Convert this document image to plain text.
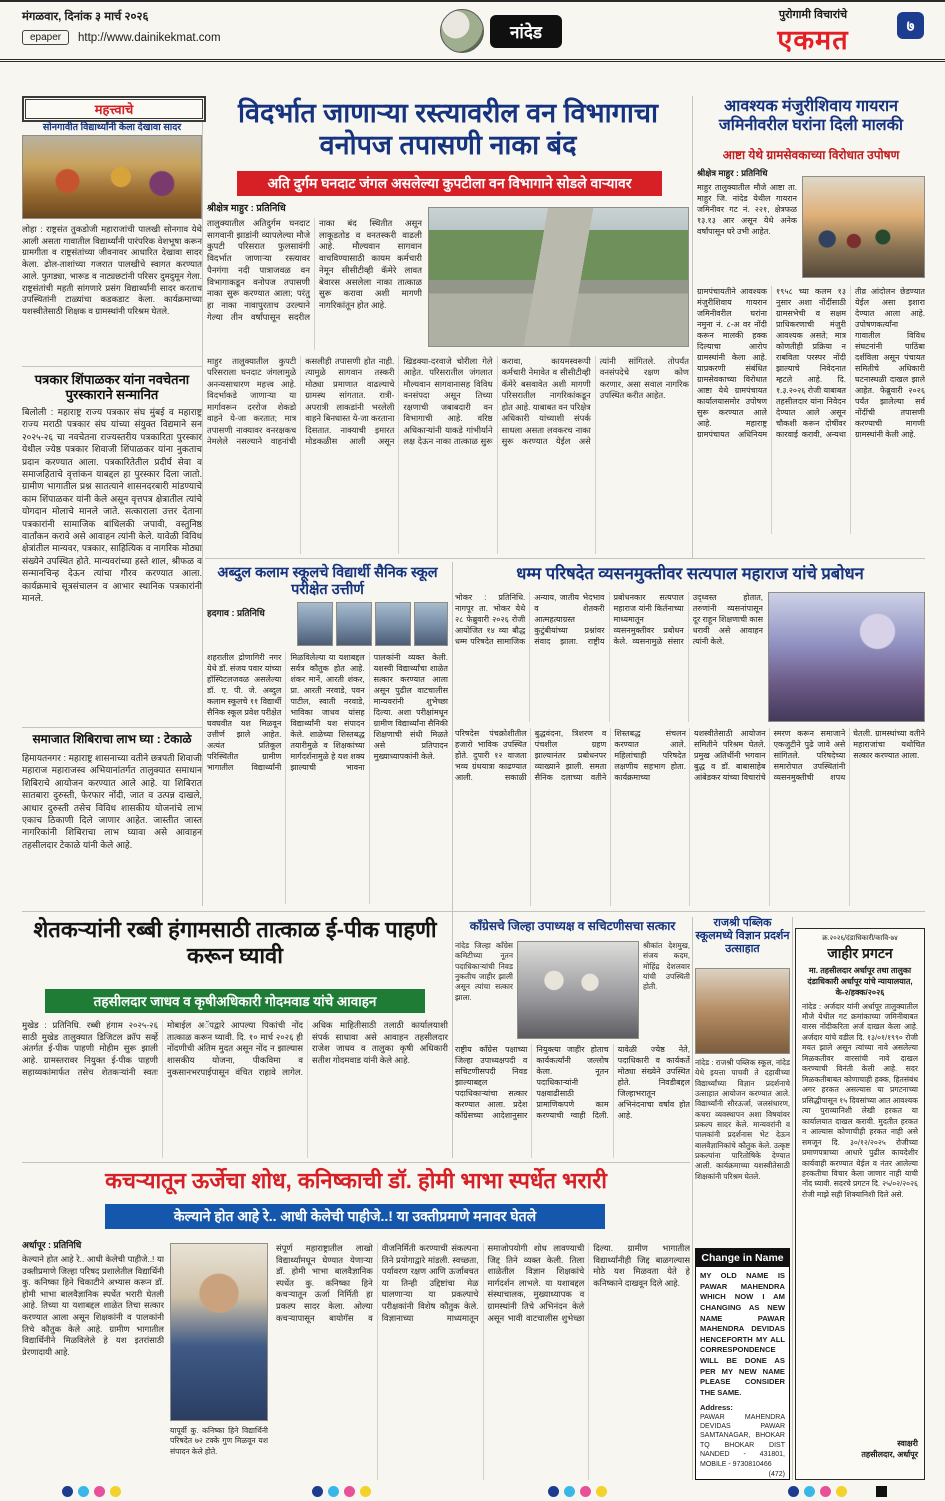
मंगळवार, दिनांक ३ मार्च २०२६
epaper	http://www.dainikekmat.com	नांदेड
पुरोगामी विचारांचे
एकमत	७
महत्त्वाचे
सोनगावीत विद्यार्थ्यांनी केला देखावा सादर
लोहा : राष्ट्रसंत तुकडोजी महाराजांची पालखी सोनगाव येथे आली असता गावातील विद्यार्थ्यांनी पारंपरिक वेशभूषा करून ग्रामगीता व राष्ट्रसंतांच्या जीवनावर आधारित देखावा सादर केला. ढोल-ताशांच्या गजरात पालखीचे स्वागत करण्यात आले. फुगड्या, भारूड व नाट्यछटांनी परिसर दुमदुमून गेला. राष्ट्रसंतांची महती सांगणारे प्रसंग विद्यार्थ्यांनी सादर करताच उपस्थितांनी टाळ्यांचा कडकडाट केला. कार्यक्रमाच्या यशस्वीतेसाठी शिक्षक व ग्रामस्थांनी परिश्रम घेतले.
पत्रकार शिंपाळकर यांना नवचेतना पुरस्काराने सन्मानित
बिलोली : महाराष्ट्र राज्य पत्रकार संघ मुंबई व महाराष्ट्र राज्य मराठी पत्रकार संघ यांच्या संयुक्त विद्यमाने सन २०२५-२६ चा नवचेतना राज्यस्तरीय पत्रकारिता पुरस्कार येथील ज्येष्ठ पत्रकार शिवाजी शिंपाळकर यांना नुकताच प्रदान करण्यात आला. पत्रकारितेतील प्रदीर्घ सेवा व समाजहिताचे वृत्तांकन याबद्दल हा पुरस्कार दिला जातो. ग्रामीण भागातील प्रश्न सातत्याने शासनदरबारी मांडण्याचे काम शिंपाळकर यांनी केले असून वृत्तपत्र क्षेत्रातील त्यांचे योगदान मोलाचे मानले जाते. सत्काराला उत्तर देताना पत्रकारांनी सामाजिक बांधिलकी जपावी, वस्तुनिष्ठ वार्तांकन करावे असे आवाहन त्यांनी केले. यावेळी विविध क्षेत्रांतील मान्यवर, पत्रकार, साहित्यिक व नागरिक मोठ्या संख्येने उपस्थित होते. मान्यवरांच्या हस्ते शाल, श्रीफळ व सन्मानचिन्ह देऊन त्यांचा गौरव करण्यात आला. कार्यक्रमाचे सूत्रसंचालन व आभार स्थानिक पत्रकारांनी मानले.
समाजात शिबिराचा लाभ घ्या : टेकाळे
हिमायतनगर : महाराष्ट्र शासनाच्या वतीने छत्रपती शिवाजी महाराज महाराजस्व अभियानांतर्गत तालुक्यात समाधान शिबिराचे आयोजन करण्यात आले आहे. या शिबिरात सातबारा दुरुस्ती, फेरफार नोंदी, जात व उत्पन्न दाखले, आधार दुरुस्ती तसेच विविध शासकीय योजनांचे लाभ एकाच ठिकाणी दिले जाणार आहेत. जास्तीत जास्त नागरिकांनी शिबिराचा लाभ घ्यावा असे आवाहन तहसीलदार टेकाळे यांनी केले आहे.
विदर्भात जाणाऱ्या रस्त्यावरील वन विभागाचा वनोपज तपासणी नाका बंद
अति दुर्गम घनदाट जंगल असलेल्या कुपटीला वन विभागाने सोडले वाऱ्यावर
श्रीक्षेत्र माहुर : प्रतिनिधि
तालुक्यातील अतिदुर्गम घनदाट सागवानी झाडांनी व्यापलेल्या मौजे कुपटी परिसरात फुलसावंगी विदर्भात जाणाऱ्या रस्त्यावर पैनगंगा नदी पात्राजवळ वन विभागाकडून वनोपज तपासणी नाका सुरू करण्यात आला; परंतु हा नाका नावापुरताच उरल्याने गेल्या तीन वर्षांपासून सदरील नाका बंद स्थितीत असून लाकूडतोड व वनतस्करी वाढली आहे. मौल्यवान सागवान वाचविण्यासाठी कायम कर्मचारी नेमून सीसीटीव्ही कॅमेरे लावत बेवारस असलेला नाका तात्काळ सुरू करावा अशी मागणी नागरिकांतून होत आहे.
माहुर तालुक्यातील कुपटी परिसराला घनदाट जंगलामुळे अनन्यसाधारण महत्त्व आहे. विदर्भाकडे जाणाऱ्या या मार्गावरून दररोज शेकडो वाहने ये-जा करतात; मात्र तपासणी नाक्यावर वनरक्षकच नेमलेले नसल्याने वाहनांची कसलीही तपासणी होत नाही. त्यामुळे सागवान तस्करी मोठ्या प्रमाणात वाढल्याचे ग्रामस्थ सांगतात. रात्री-अपरात्री लाकडांनी भरलेली वाहने बिनधास्त ये-जा करताना दिसतात. नाक्याची इमारत मोडकळीस आली असून खिडक्या-दरवाजे चोरीला गेले आहेत. परिसरातील जंगलात मौल्यवान सागवानासह विविध वनसंपदा असून तिच्या रक्षणाची जबाबदारी वन विभागाची आहे. वरिष्ठ अधिकाऱ्यांनी याकडे गांभीर्याने लक्ष देऊन नाका तात्काळ सुरू करावा, कायमस्वरूपी कर्मचारी नेमावेत व सीसीटीव्ही कॅमेरे बसवावेत अशी मागणी परिसरातील नागरिकांकडून होत आहे. याबाबत वन परिक्षेत्र अधिकारी यांच्याशी संपर्क साधला असता लवकरच नाका सुरू करण्यात येईल असे त्यांनी सांगितले. तोपर्यंत वनसंपदेचे रक्षण कोण करणार, असा सवाल नागरिक उपस्थित करीत आहेत.
आवश्यक मंजुरीशिवाय गायरान जमिनीवरील घरांना दिली मालकी
आष्टा येथे ग्रामसेवकाच्या विरोधात उपोषण
श्रीक्षेत्र माहुर : प्रतिनिधि
माहुर तालुक्यातील मौजे आष्टा ता. माहुर जि. नांदेड येथील गायरान जमिनीवर गट नं. २२१, क्षेत्रफळ १३.१३ आर असून येथे अनेक वर्षांपासून घरे उभी आहेत.
ग्रामपंचायतीने आवश्यक मंजुरीशिवाय गायरान जमिनीवरील घरांना नमुना नं. ८-अ वर नोंदी करून मालकी हक्क दिल्याचा आरोप ग्रामस्थांनी केला आहे. याप्रकरणी संबंधित ग्रामसेवकाच्या विरोधात आष्टा येथे ग्रामपंचायत कार्यालयासमोर उपोषण सुरू करण्यात आले आहे. महाराष्ट्र ग्रामपंचायत अधिनियम १९५८ च्या कलम १३ नुसार अशा नोंदींसाठी ग्रामसभेची व सक्षम प्राधिकरणाची मंजुरी आवश्यक असते; मात्र कोणतीही प्रक्रिया न राबविता परस्पर नोंदी झाल्याचे निवेदनात म्हटले आहे. दि. १.३.२०२६ रोजी याबाबत तहसीलदार यांना निवेदन देण्यात आले असून चौकशी करून दोषींवर कारवाई करावी, अन्यथा तीव्र आंदोलन छेडण्यात येईल असा इशारा देण्यात आला आहे. उपोषणकर्त्यांना गावातील विविध संघटनांनी पाठिंबा दर्शविला असून पंचायत समितीचे अधिकारी घटनास्थळी दाखल झाले आहेत. फेब्रुवारी २०२६ पर्यंत झालेल्या सर्व नोंदींची तपासणी करण्याची मागणी ग्रामस्थांनी केली आहे.
अब्दुल कलाम स्कूलचे विद्यार्थी सैनिक स्कूल परीक्षेत उत्तीर्ण
हदगाव : प्रतिनिधि
शहरातील द्रोणागिरी नगर येथे डॉ. संजय पवार यांच्या हॉस्पिटलजवळ असलेल्या डॉ. ए. पी. जे. अब्दुल कलाम स्कूलचे ११ विद्यार्थी सैनिक स्कूल प्रवेश परीक्षेत घवघवीत यश मिळवून उत्तीर्ण झाले आहेत. अत्यंत प्रतिकूल परिस्थितीत ग्रामीण भागातील विद्यार्थ्यांनी मिळविलेल्या या यशाबद्दल सर्वत्र कौतुक होत आहे. शंकर मानें, आरती शंकर, प्रा. आरती नरवाडे, पवन पाटील, स्वाती नरवाडे, भाविका जाधव यांसह विद्यार्थ्यांनी यश संपादन केले. शाळेच्या शिस्तबद्ध तयारीमुळे व शिक्षकांच्या मार्गदर्शनामुळे हे यश शक्य झाल्याची भावना पालकांनी व्यक्त केली. यशस्वी विद्यार्थ्यांचा शाळेत सत्कार करण्यात आला असून पुढील वाटचालीस मान्यवरांनी शुभेच्छा दिल्या. अशा परीक्षांमधून ग्रामीण विद्यार्थ्यांना सैनिकी शिक्षणाची संधी मिळते असे प्रतिपादन मुख्याध्यापकांनी केले.
धम्म परिषदेत व्यसनमुक्तीवर सत्यपाल महाराज यांचे प्रबोधन
भोकर : प्रतिनिधि. नागपूर ता. भोकर येथे २८ फेब्रुवारी २०२६ रोजी आयोजित १४ व्या बौद्ध धम्म परिषदेत सामाजिक अन्याय, जातीय भेदभाव व शेतकरी आत्महत्याग्रस्त कुटुंबीयांच्या प्रश्नांवर संवाद झाला. राष्ट्रीय प्रबोधनकार सत्यपाल महाराज यांनी किर्तनाच्या माध्यमातून व्यसनमुक्तीवर प्रबोधन केले. व्यसनामुळे संसार उद्ध्वस्त होतात, तरुणांनी व्यसनांपासून दूर राहून शिक्षणाची कास धरावी असे आवाहन त्यांनी केले.
परिषदेस पंचक्रोशीतील हजारो भाविक उपस्थित होते. दुपारी १२ वाजता भव्य ग्रंथयात्रा काढण्यात आली. सकाळी बुद्धवंदना, त्रिशरण व पंचशील ग्रहण झाल्यानंतर प्रबोधनपर व्याख्याने झाली. समता सैनिक दलाच्या वतीने शिस्तबद्ध संचलन करण्यात आले. महिलांचाही परिषदेत लक्षणीय सहभाग होता. कार्यक्रमाच्या यशस्वीतेसाठी आयोजन समितीने परिश्रम घेतले. प्रमुख अतिथींनी भगवान बुद्ध व डॉ. बाबासाहेब आंबेडकर यांच्या विचारांचे स्मरण करून समाजाने एकजुटीने पुढे जावे असे सांगितले. परिषदेच्या समारोपात उपस्थितांनी व्यसनमुक्तीची शपथ घेतली. ग्रामस्थांच्या वतीने महाराजांचा यथोचित सत्कार करण्यात आला.
शेतकऱ्यांनी रब्बी हंगामसाठी तात्काळ ई-पीक पाहणी करून घ्यावी
तहसीलदार जाधव व कृषीअधिकारी गोदमवाड यांचे आवाहन
मुखेड : प्रतिनिधि. रब्बी हंगाम २०२५-२६ साठी मुखेड तालुक्यात डिजिटल क्रॉप सर्व्हे अंतर्गत ई-पीक पाहणी मोहीम सुरू झाली आहे. ग्रामस्तरावर नियुक्त ई-पीक पाहणी सहाय्यकांमार्फत तसेच शेतकऱ्यांनी स्वतः मोबाईल अॅपद्वारे आपल्या पिकांची नोंद तात्काळ करून घ्यावी. दि. १० मार्च २०२६ ही नोंदणीची अंतिम मुदत असून नोंद न झाल्यास शासकीय योजना, पीकविमा व नुकसानभरपाईपासून वंचित राहावे लागेल. अधिक माहितीसाठी तलाठी कार्यालयाशी संपर्क साधावा असे आवाहन तहसीलदार राजेश जाधव व तालुका कृषी अधिकारी सतीश गोदमवाड यांनी केले आहे.
काँग्रेसचे जिल्हा उपाध्यक्ष व सचिटणीसचा सत्कार
नांदेड जिल्हा काँग्रेस कमिटीच्या नूतन पदाधिकाऱ्यांची निवड नुकतीच जाहीर झाली असून त्यांचा सत्कार झाला.
श्रीकांत देशमुख, संजय कदम, मोहिंद्र देशलवार यांची उपस्थिती होती.
राष्ट्रीय काँग्रेस पक्षाच्या जिल्हा उपाध्यक्षपदी व सचिटणीसपदी निवड झाल्याबद्दल पदाधिकाऱ्यांचा सत्कार करण्यात आला. प्रदेश काँग्रेसच्या आदेशानुसार नियुक्त्या जाहीर होताच कार्यकर्त्यांनी जल्लोष केला. नूतन पदाधिकाऱ्यांनी पक्षवाढीसाठी प्रामाणिकपणे काम करण्याची ग्वाही दिली. यावेळी ज्येष्ठ नेते, पदाधिकारी व कार्यकर्ते मोठ्या संख्येने उपस्थित होते. निवडीबद्दल जिल्हाभरातून अभिनंदनाचा वर्षाव होत आहे.
राजश्री पब्लिक स्कूलमध्ये विज्ञान प्रदर्शन उत्साहात
नांदेड : राजश्री पब्लिक स्कूल, नांदेड येथे इयत्ता पाचवी ते दहावीच्या विद्यार्थ्यांच्या विज्ञान प्रदर्शनाचे उत्साहात आयोजन करण्यात आले. विद्यार्थ्यांनी सौरऊर्जा, जलसंधारण, कचरा व्यवस्थापन अशा विषयांवर प्रकल्प सादर केले. मान्यवरांनी व पालकांनी प्रदर्शनास भेट देऊन बालवैज्ञानिकांचे कौतुक केले. उत्कृष्ट प्रकल्पांना पारितोषिके देण्यात आली. कार्यक्रमाच्या यशस्वीतेसाठी शिक्षकांनी परिश्रम घेतले.
क्र.२०२६/दंडाधिकारी/कावि-७४
जाहीर प्रगटन
मा. तहसीलदार अर्धापूर तथा तालुका दंडाधिकारी अर्धापूर यांचे न्यायालयात, के-२/हक्क/२०२६
नांदेड : अर्जदार यांनी अर्धापूर तालुक्यातील मौजे येथील गट क्रमांकाच्या जमिनीबाबत वारस नोंदीकरिता अर्ज दाखल केला आहे. अर्जदार यांचे वडील दि. १३/०१/१९९० रोजी मयत झाले असून त्यांच्या नावे असलेल्या मिळकतीवर वारसांची नावे दाखल करण्याची विनंती केली आहे. सदर मिळकतीबाबत कोणाचाही हक्क, हितसंबंध अगर हरकत असल्यास या प्रगटनाच्या प्रसिद्धीपासून १५ दिवसांच्या आत आवश्यक त्या पुराव्यानिशी लेखी हरकत या कार्यालयात दाखल करावी. मुदतीत हरकत न आल्यास कोणाचीही हरकत नाही असे समजून दि. ३०/१२/२०२५ रोजीच्या प्रमाणपत्राच्या आधारे पुढील कायदेशीर कार्यवाही करण्यात येईल व नंतर आलेल्या हरकतीचा विचार केला जाणार नाही याची नोंद घ्यावी. सदरचे प्रगटन दि. २५/०२/२०२६ रोजी माझे सही शिक्यानिशी दिले असे.
स्वाक्षरी
तहसीलदार, अर्धापूर
कचऱ्यातून ऊर्जेचा शोध, कनिष्काची डॉ. होमी भाभा स्पर्धेत भरारी
केल्याने होत आहे रे.. आधी केलेची पाहीजे..! या उक्तीप्रमाणे मनावर घेतले
अर्धापूर : प्रतिनिधि
केल्याने होत आहे रे.. आधी केलेची पाहीजे..! या उक्तीप्रमाणे जिल्हा परिषद प्रशालेतील विद्यार्थिनी कु. कनिष्का हिने चिकाटीने अभ्यास करून डॉ. होमी भाभा बालवैज्ञानिक स्पर्धेत भरारी घेतली आहे. तिच्या या यशाबद्दल शाळेत तिचा सत्कार करण्यात आला असून शिक्षकांनी व पालकांनी तिचे कौतुक केले आहे. ग्रामीण भागातील विद्यार्थिनीने मिळविलेले हे यश इतरांसाठी प्रेरणादायी आहे.
यापूर्वी कु. कनिष्का हिने विद्यार्थिनी परिषदेत ७२ टक्के गुण मिळवून यश संपादन केले होते.
संपूर्ण महाराष्ट्रातील लाखो विद्यार्थ्यांमधून घेण्यात येणाऱ्या डॉ. होमी भाभा बालवैज्ञानिक स्पर्धेत कु. कनिष्का हिने कचऱ्यातून ऊर्जा निर्मिती हा प्रकल्प सादर केला. ओल्या कचऱ्यापासून बायोगॅस व वीजनिर्मिती करण्याची संकल्पना तिने प्रयोगाद्वारे मांडली. स्वच्छता, पर्यावरण रक्षण आणि ऊर्जाबचत या तिन्ही उद्दिष्टांचा मेळ घालणाऱ्या या प्रकल्पाचे परीक्षकांनी विशेष कौतुक केले. विज्ञानाच्या माध्यमातून समाजोपयोगी शोध लावण्याची जिद्द तिने व्यक्त केली. तिला शाळेतील विज्ञान शिक्षकांचे मार्गदर्शन लाभले. या यशाबद्दल संस्थाचालक, मुख्याध्यापक व ग्रामस्थांनी तिचे अभिनंदन केले असून भावी वाटचालीस शुभेच्छा दिल्या. ग्रामीण भागातील विद्यार्थ्यांनीही जिद्द बाळगल्यास मोठे यश मिळवता येते हे कनिष्काने दाखवून दिले आहे.
Change in Name
MY OLD NAME IS PAWAR MAHENDRA WHICH NOW I AM CHANGING AS NEW NAME PAWAR MAHENDRA DEVIDAS HENCEFORTH MY ALL CORRESPONDENCE WILL BE DONE AS PER MY NEW NAME PLEASE CONSIDER THE SAME.
Address:
PAWAR MAHENDRA DEVIDAS PAWAR SAMTANAGAR, BHOKAR TQ BHOKAR DIST NANDED - 431801, MOBILE - 9730810466
(472)
